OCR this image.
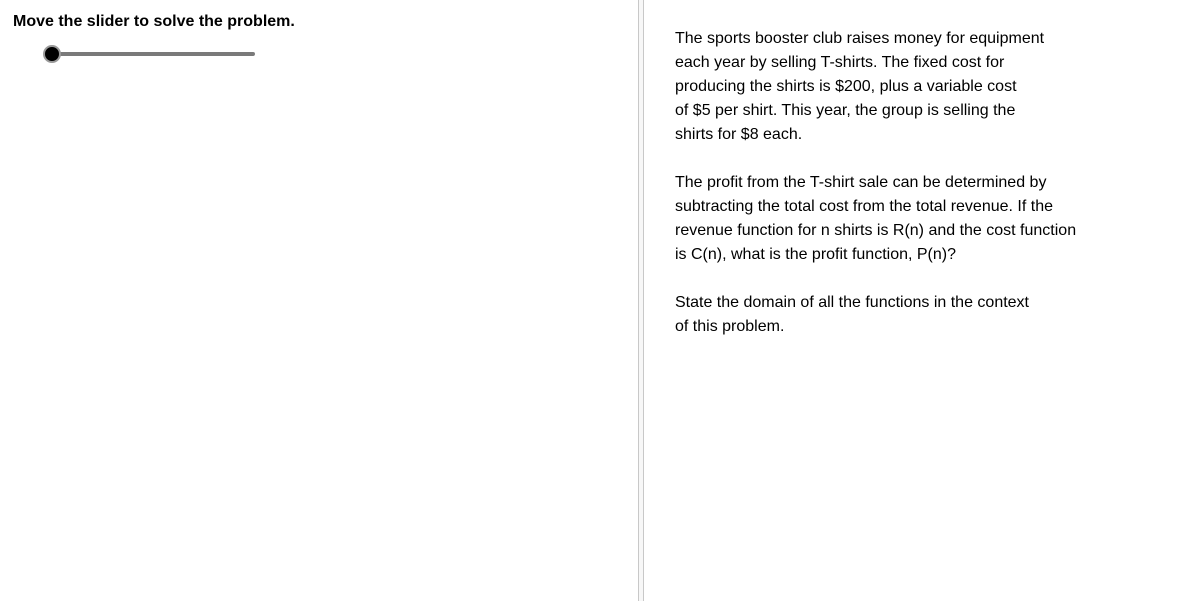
Move the slider to solve the problem.

The sports booster club raises money for equipment
each year by selling T-shirts. The fixed cost for
producing the shirts is $200, plus a variable cost
of $5 per shirt. This year, the group is selling the
shirts for $8 each.

The profit from the T-shirt sale can be determined by
subtracting the total cost from the total revenue. If the
revenue function for n shirts is R(n) and the cost function
is C(n), what is the profit function, P(n)?

State the domain of all the functions in the context
of this problem.
